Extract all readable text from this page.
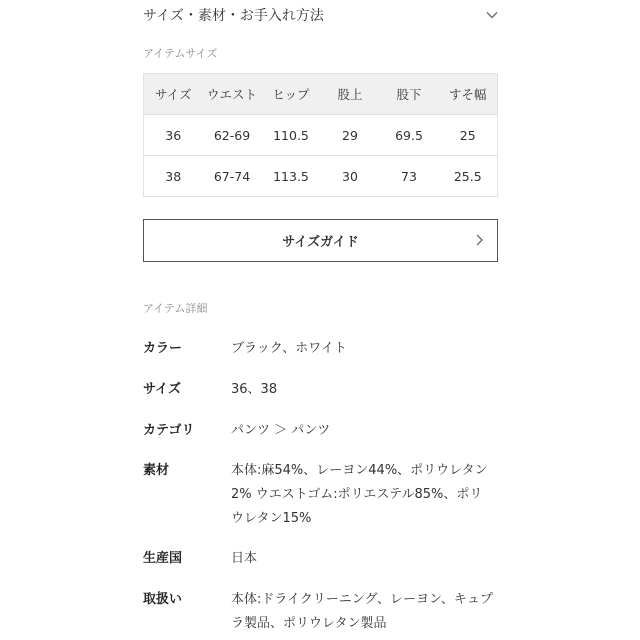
サイズ・素材・お手入れ方法
アイテムサイズ
サイズ	ウエスト	ヒップ	股上	股下	すそ幅
36	62-69	110.5	29	69.5	25
38	67-74	113.5	30	73	25.5
サイズガイド
アイテム詳細
カラー	ブラック、ホワイト
サイズ	36、38
カテゴリ	パンツ ＞ パンツ
素材	本体:麻54%、レーヨン44%、ポリウレタン2% ウエストゴム:ポリエステル85%、ポリウレタン15%
生産国	日本
取扱い	本体:ドライクリーニング、レーヨン、キュプラ製品、ポリウレタン製品
